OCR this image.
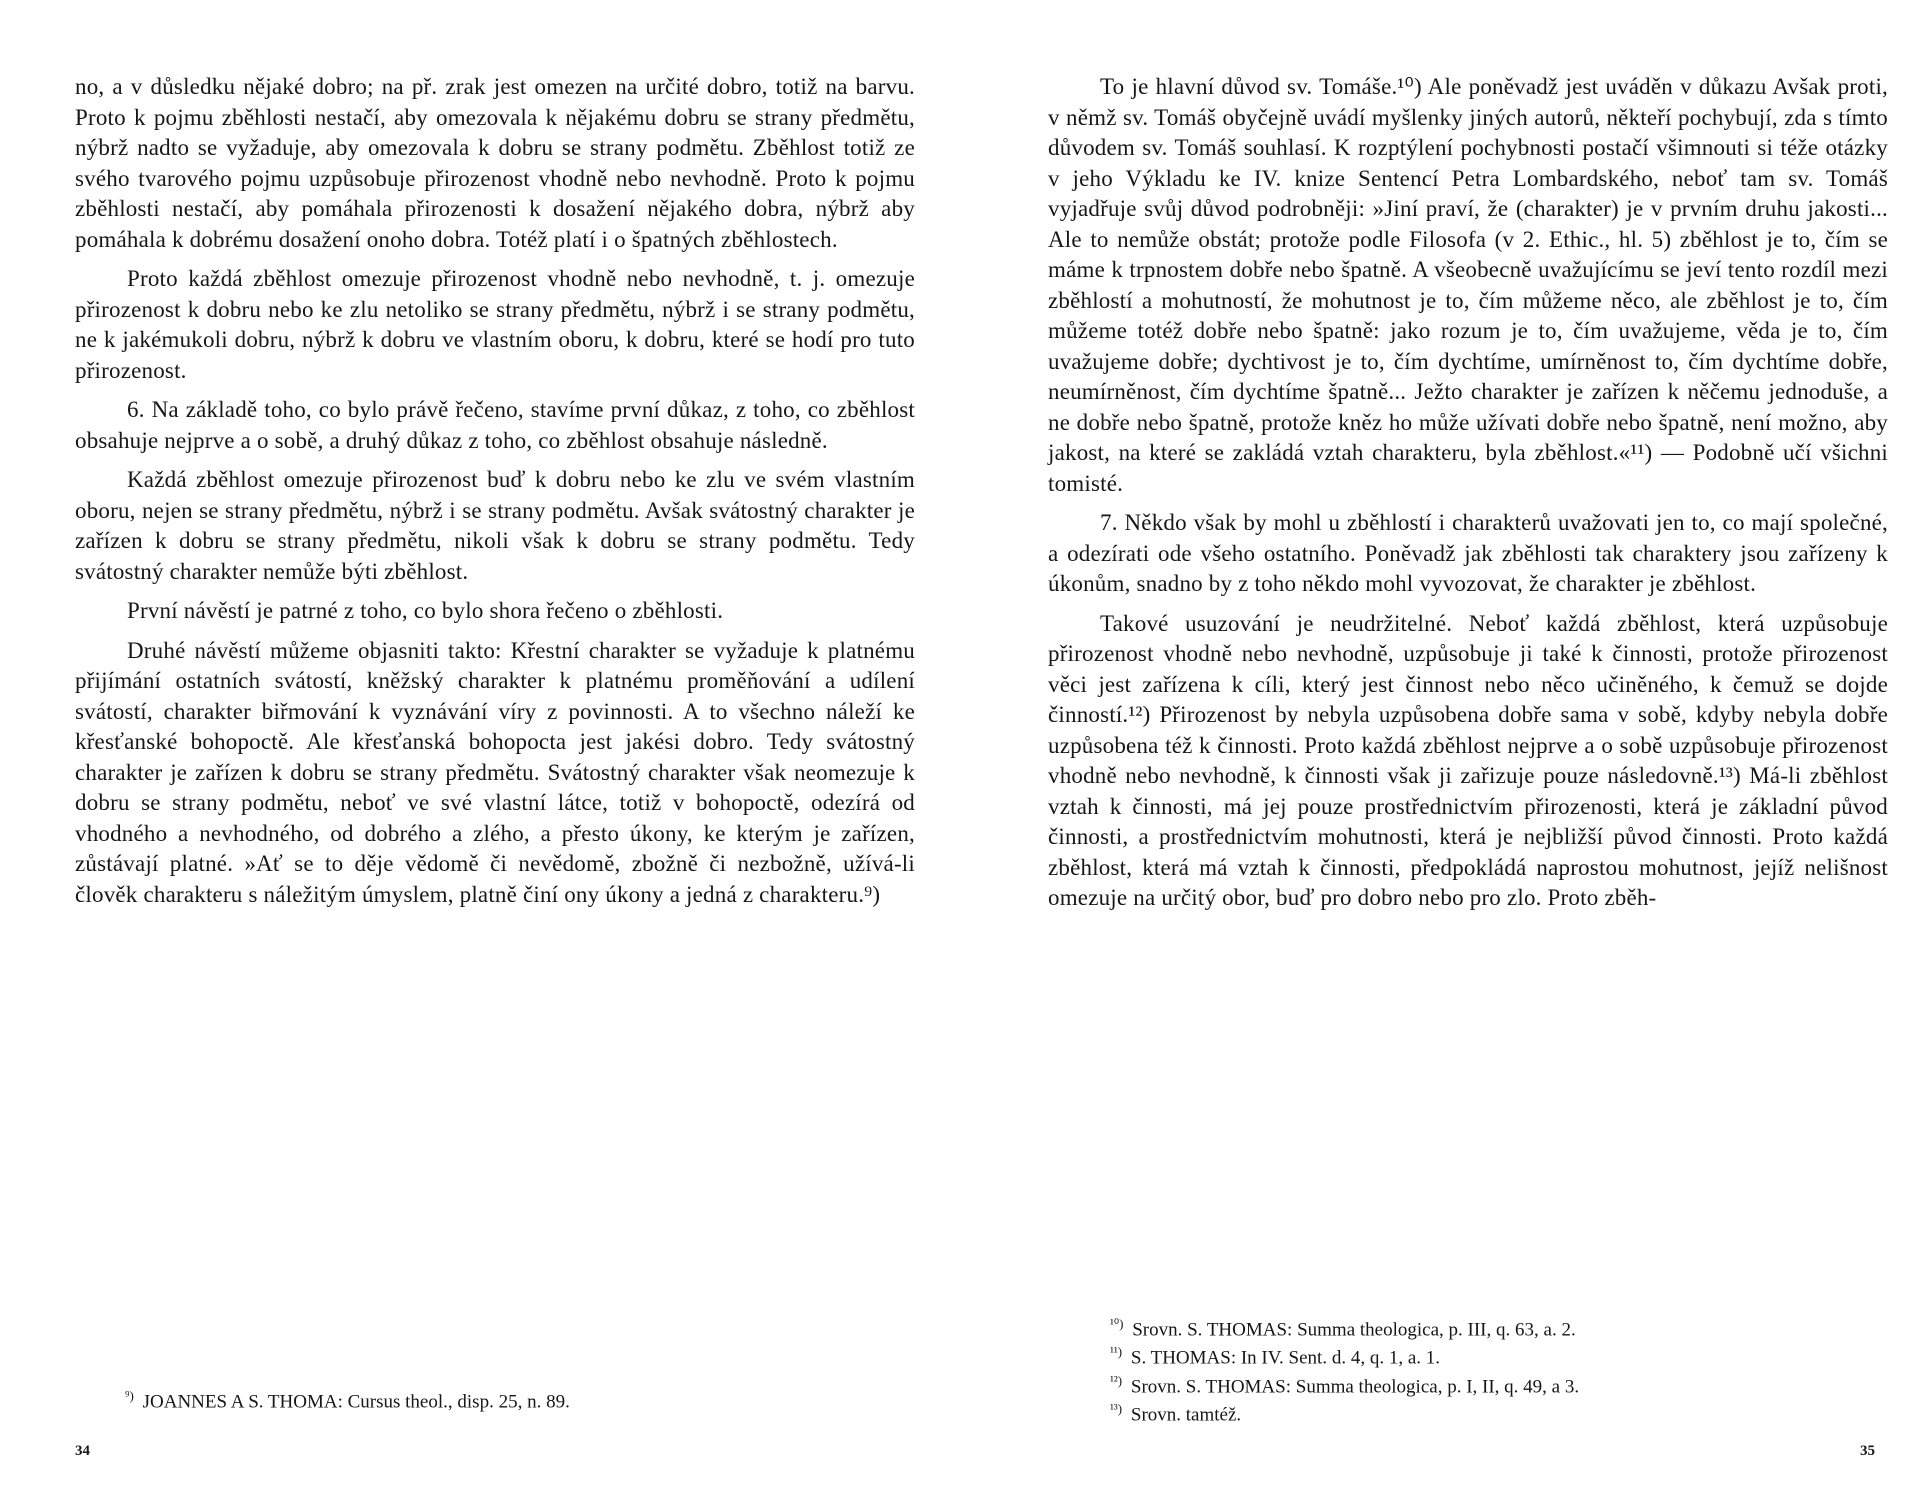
no, a v důsledku nějaké dobro; na př. zrak jest omezen na určité dobro, totiž na barvu. Proto k pojmu zběhlosti nestačí, aby omezovala k nějakému dobru se strany předmětu, nýbrž nadto se vyžaduje, aby omezovala k dobru se strany podmětu. Zběhlost totiž ze svého tvarového pojmu uzpůsobuje přirozenost vhodně nebo nevhodně. Proto k pojmu zběhlosti nestačí, aby pomáhala přirozenosti k dosažení nějakého dobra, nýbrž aby pomáhala k dobrému dosažení onoho dobra. Totéž platí i o špatných zběhlostech.

Proto každá zběhlost omezuje přirozenost vhodně nebo nevhodně, t. j. omezuje přirozenost k dobru nebo ke zlu netoliko se strany předmětu, nýbrž i se strany podmětu, ne k jakémukoli dobru, nýbrž k dobru ve vlastním oboru, k dobru, které se hodí pro tuto přirozenost.

6. Na základě toho, co bylo právě řečeno, stavíme první důkaz, z toho, co zběhlost obsahuje nejprve a o sobě, a druhý důkaz z toho, co zběhlost obsahuje následně.

Každá zběhlost omezuje přirozenost buď k dobru nebo ke zlu ve svém vlastním oboru, nejen se strany předmětu, nýbrž i se strany podmětu. Avšak svátostný charakter je zařízen k dobru se strany předmětu, nikoli však k dobru se strany podmětu. Tedy svátostný charakter nemůže býti zběhlost.

První návěstí je patrné z toho, co bylo shora řečeno o zběhlosti.

Druhé návěstí můžeme objasniti takto: Křestní charakter se vyžaduje k platnému přijímání ostatních svátostí, kněžský charakter k platnému proměňování a udílení svátostí, charakter biřmování k vyznávání víry z povinnosti. A to všechno náleží ke křesťanské bohopoctě. Ale křesťanská bohopocta jest jakési dobro. Tedy svátostný charakter je zařízen k dobru se strany předmětu. Svátostný charakter však neomezuje k dobru se strany podmětu, neboť ve své vlastní látce, totiž v bohopoctě, odezírá od vhodného a nevhodného, od dobrého a zlého, a přesto úkony, ke kterým je zařízen, zůstávají platné. »Ať se to děje vědomě či nevědomě, zbožně či nezbožně, užívá-li člověk charakteru s náležitým úmyslem, platně činí ony úkony a jedná z charakteru.⁹)

$^{^9)}$ JOANNES A S. THOMA: Cursus theol., disp. 25, n. 89.
34

To je hlavní důvod sv. Tomáše.¹⁰) Ale poněvadž jest uváděn v důkazu Avšak proti, v němž sv. Tomáš obyčejně uvádí myšlenky jiných autorů, někteří pochybují, zda s tímto důvodem sv. Tomáš souhlasí. K rozptýlení pochybnosti postačí všimnouti si téže otázky v jeho Výkladu ke IV. knize Sentencí Petra Lombardského, neboť tam sv. Tomáš vyjadřuje svůj důvod podrobněji: »Jiní praví, že (charakter) je v prvním druhu jakosti... Ale to nemůže obstát; protože podle Filosofa (v 2. Ethic., hl. 5) zběhlost je to, čím se máme k trpnostem dobře nebo špatně. A všeobecně uvažujícímu se jeví tento rozdíl mezi zběhlostí a mohutností, že mohutnost je to, čím můžeme něco, ale zběhlost je to, čím můžeme totéž dobře nebo špatně: jako rozum je to, čím uvažujeme, věda je to, čím uvažujeme dobře; dychtivost je to, čím dychtíme, umírněnost to, čím dychtíme dobře, neumírněnost, čím dychtíme špatně... Ježto charakter je zařízen k něčemu jednoduše, a ne dobře nebo špatně, protože kněz ho může užívati dobře nebo špatně, není možno, aby jakost, na které se zakládá vztah charakteru, byla zběhlost.«¹¹) — Podobně učí všichni tomisté.

7. Někdo však by mohl u zběhlostí i charakterů uvažovati jen to, co mají společné, a odezírati ode všeho ostatního. Poněvadž jak zběhlosti tak charaktery jsou zařízeny k úkonům, snadno by z toho někdo mohl vyvozovat, že charakter je zběhlost.

Takové usuzování je neudržitelné. Neboť každá zběhlost, která uzpůsobuje přirozenost vhodně nebo nevhodně, uzpůsobuje ji také k činnosti, protože přirozenost věci jest zařízena k cíli, který jest činnost nebo něco učiněného, k čemuž se dojde činností.¹²) Přirozenost by nebyla uzpůsobena dobře sama v sobě, kdyby nebyla dobře uzpůsobena též k činnosti. Proto každá zběhlost nejprve a o sobě uzpůsobuje přirozenost vhodně nebo nevhodně, k činnosti však ji zařizuje pouze následovně.¹³) Má-li zběhlost vztah k činnosti, má jej pouze prostřednictvím přirozenosti, která je základní původ činnosti, a prostřednictvím mohutnosti, která je nejbližší původ činnosti. Proto každá zběhlost, která má vztah k činnosti, předpokládá naprostou mohutnost, jejíž nelišnost omezuje na určitý obor, buď pro dobro nebo pro zlo. Proto zběh-

$^{^{10})}$ Srovn. S. THOMAS: Summa theologica, p. III, q. 63, a. 2.
$^{^{11})}$ S. THOMAS: In IV. Sent. d. 4, q. 1, a. 1.
$^{^{12})}$ Srovn. S. THOMAS: Summa theologica, p. I, II, q. 49, a 3.
$^{^{13})}$ Srovn. tamtéž.
35
